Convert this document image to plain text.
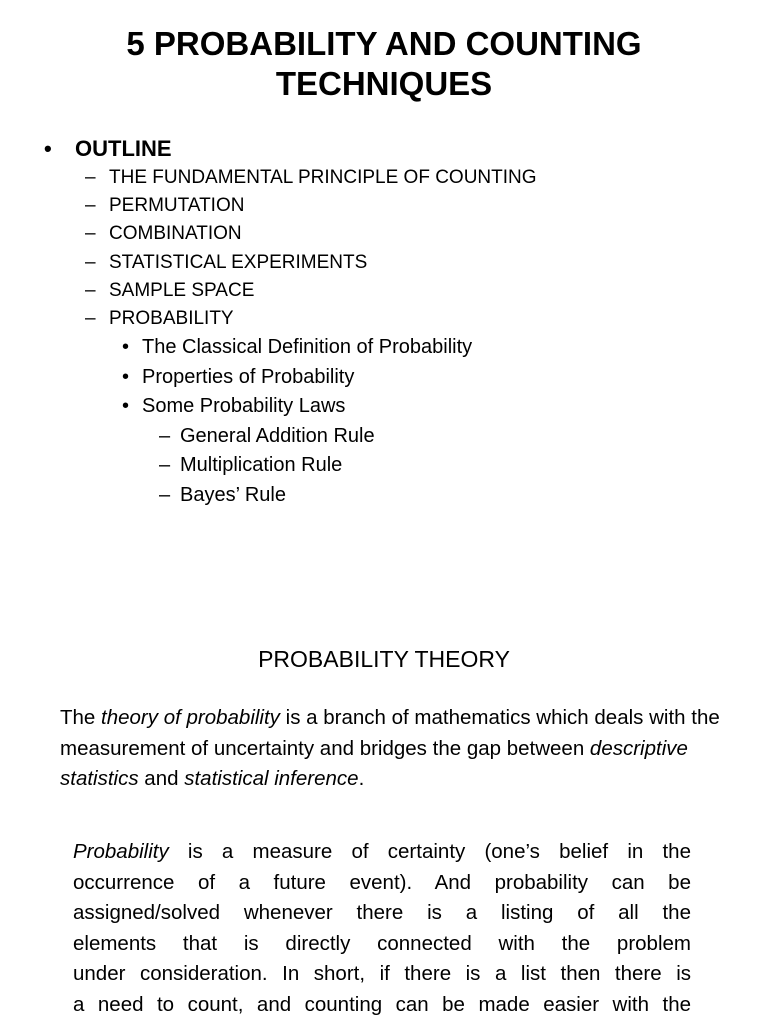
5 PROBABILITY AND COUNTING
TECHNIQUES
•	OUTLINE
– THE FUNDAMENTAL PRINCIPLE OF COUNTING
– PERMUTATION
– COMBINATION
– STATISTICAL EXPERIMENTS
– SAMPLE SPACE
– PROBABILITY
• The Classical Definition of Probability
• Properties of Probability
• Some Probability Laws
– General Addition Rule
– Multiplication Rule
– Bayes’ Rule
PROBABILITY THEORY

The theory of probability is a branch of mathematics which deals with the measurement of uncertainty and bridges the gap between descriptive statistics and statistical inference.

Probability is a measure of certainty (one’s belief in the
occurrence of a future event). And probability can be
assigned/solved whenever there is a listing of all the
elements that is directly connected with the problem
under consideration. In short, if there is a list then there is
a need to count, and counting can be made easier with the
